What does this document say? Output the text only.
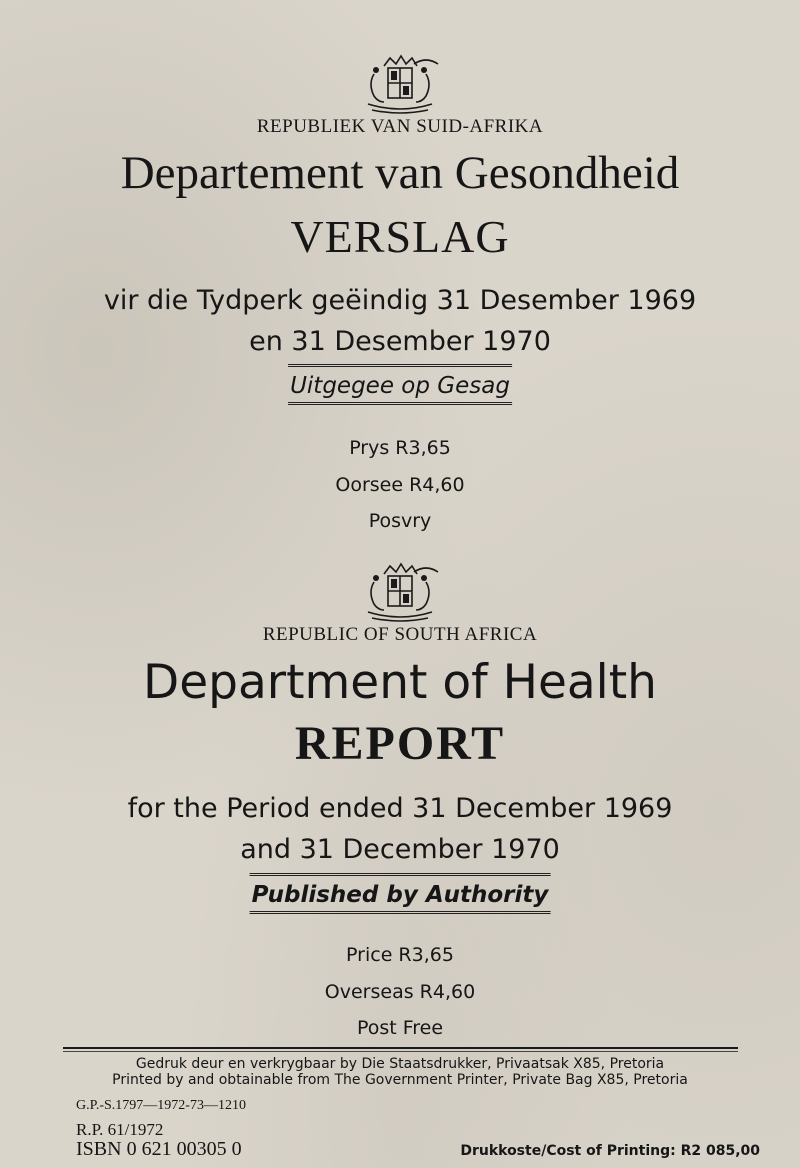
REPUBLIEK VAN SUID-AFRIKA
Departement van Gesondheid
VERSLAG
vir die Tydperk geëindig 31 Desember 1969
en 31 Desember 1970
Uitgegee op Gesag
Prys R3,65
Oorsee R4,60
Posvry
REPUBLIC OF SOUTH AFRICA
Department of Health
REPORT
for the Period ended 31 December 1969
and 31 December 1970
Published by Authority
Price R3,65
Overseas R4,60
Post Free
Gedruk deur en verkrygbaar by Die Staatsdrukker, Privaatsak X85, Pretoria
Printed by and obtainable from The Government Printer, Private Bag X85, Pretoria
G.P.-S.1797—1972-73—1210
R.P. 61/1972
ISBN 0 621 00305 0	Drukkoste/Cost of Printing: R2 085,00
